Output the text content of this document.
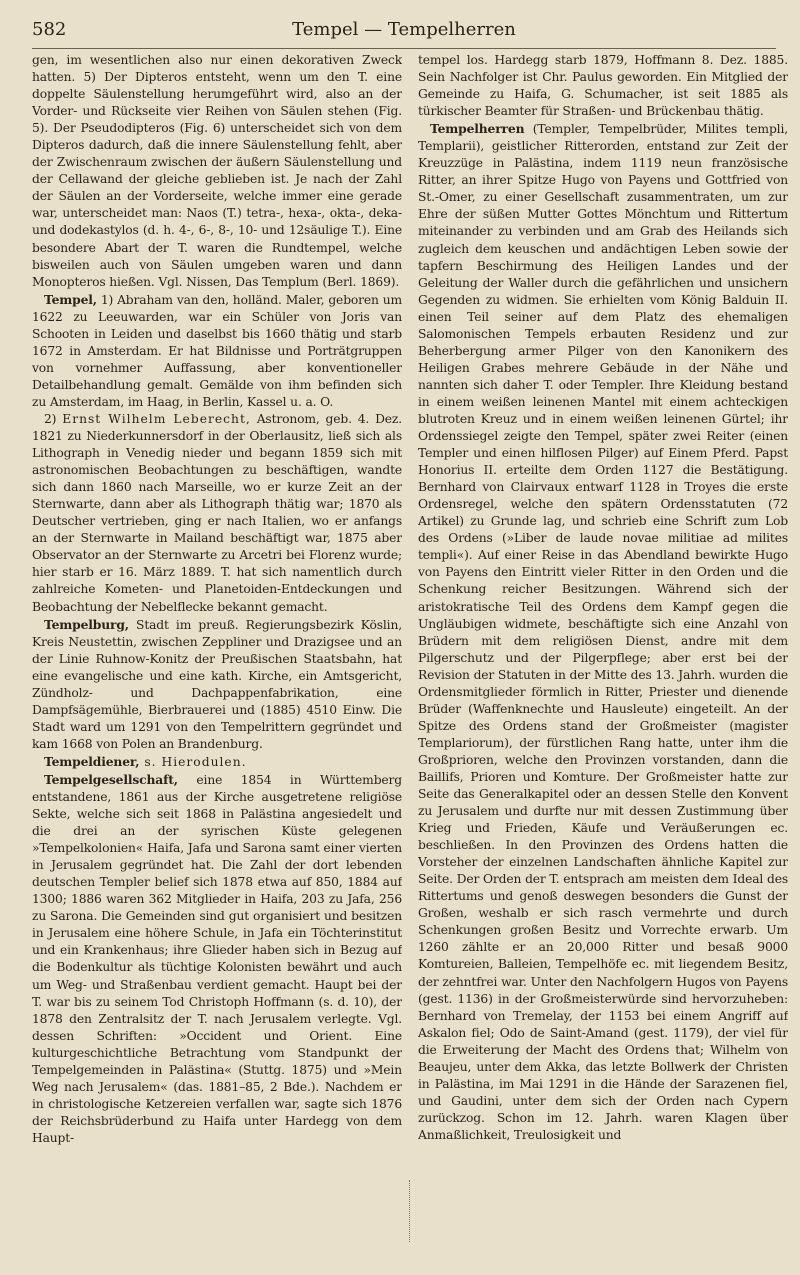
582	Tempel — Tempelherren

gen, im wesentlichen also nur einen dekorativen Zweck hatten. 5) Der Dipteros entsteht, wenn um den T. eine doppelte Säulenstellung herumgeführt wird, also an der Vorder- und Rückseite vier Reihen von Säulen stehen (Fig. 5). Der Pseudodipteros (Fig. 6) unterscheidet sich von dem Dipteros dadurch, daß die innere Säulenstellung fehlt, aber der Zwischenraum zwischen der äußern Säulenstellung und der Cellawand der gleiche geblieben ist. Je nach der Zahl der Säulen an der Vorderseite, welche immer eine gerade war, unterscheidet man: Naos (T.) tetra-, hexa-, okta-, deka- und dodekastylos (d. h. 4-, 6-, 8-, 10- und 12säulige T.). Eine besondere Abart der T. waren die Rundtempel, welche bisweilen auch von Säulen umgeben waren und dann Monopteros hießen. Vgl. Nissen, Das Templum (Berl. 1869).

Tempel, 1) Abraham van den, holländ. Maler, geboren um 1622 zu Leeuwarden, war ein Schüler von Joris van Schooten in Leiden und daselbst bis 1660 thätig und starb 1672 in Amsterdam. Er hat Bildnisse und Porträtgruppen von vornehmer Auffassung, aber konventioneller Detailbehandlung gemalt. Gemälde von ihm befinden sich zu Amsterdam, im Haag, in Berlin, Kassel u. a. O.

2) Ernst Wilhelm Leberecht, Astronom, geb. 4. Dez. 1821 zu Niederkunnersdorf in der Oberlausitz, ließ sich als Lithograph in Venedig nieder und begann 1859 sich mit astronomischen Beobachtungen zu beschäftigen, wandte sich dann 1860 nach Marseille, wo er kurze Zeit an der Sternwarte, dann aber als Lithograph thätig war; 1870 als Deutscher vertrieben, ging er nach Italien, wo er anfangs an der Sternwarte in Mailand beschäftigt war, 1875 aber Observator an der Sternwarte zu Arcetri bei Florenz wurde; hier starb er 16. März 1889. T. hat sich namentlich durch zahlreiche Kometen- und Planetoiden-Entdeckungen und Beobachtung der Nebelflecke bekannt gemacht.

Tempelburg, Stadt im preuß. Regierungsbezirk Köslin, Kreis Neustettin, zwischen Zeppliner und Drazigsee und an der Linie Ruhnow-Konitz der Preußischen Staatsbahn, hat eine evangelische und eine kath. Kirche, ein Amtsgericht, Zündholz- und Dachpappenfabrikation, eine Dampfsägemühle, Bierbrauerei und (1885) 4510 Einw. Die Stadt ward um 1291 von den Tempelrittern gegründet und kam 1668 von Polen an Brandenburg.

Tempeldiener, s. Hierodulen.

Tempelgesellschaft, eine 1854 in Württemberg entstandene, 1861 aus der Kirche ausgetretene religiöse Sekte, welche sich seit 1868 in Palästina angesiedelt und die drei an der syrischen Küste gelegenen »Tempelkolonien« Haifa, Jafa und Sarona samt einer vierten in Jerusalem gegründet hat. Die Zahl der dort lebenden deutschen Templer belief sich 1878 etwa auf 850, 1884 auf 1300; 1886 waren 362 Mitglieder in Haifa, 203 zu Jafa, 256 zu Sarona. Die Gemeinden sind gut organisiert und besitzen in Jerusalem eine höhere Schule, in Jafa ein Töchterinstitut und ein Krankenhaus; ihre Glieder haben sich in Bezug auf die Bodenkultur als tüchtige Kolonisten bewährt und auch um Weg- und Straßenbau verdient gemacht. Haupt bei der T. war bis zu seinem Tod Christoph Hoffmann (s. d. 10), der 1878 den Zentralsitz der T. nach Jerusalem verlegte. Vgl. dessen Schriften: »Occident und Orient. Eine kulturgeschichtliche Betrachtung vom Standpunkt der Tempelgemeinden in Palästina« (Stuttg. 1875) und »Mein Weg nach Jerusalem« (das. 1881–85, 2 Bde.). Nachdem er in christologische Ketzereien verfallen war, sagte sich 1876 der Reichsbrüderbund zu Haifa unter Hardegg von dem Haupt-

tempel los. Hardegg starb 1879, Hoffmann 8. Dez. 1885. Sein Nachfolger ist Chr. Paulus geworden. Ein Mitglied der Gemeinde zu Haifa, G. Schumacher, ist seit 1885 als türkischer Beamter für Straßen- und Brückenbau thätig.

Tempelherren (Templer, Tempelbrüder, Milites templi, Templarii), geistlicher Ritterorden, entstand zur Zeit der Kreuzzüge in Palästina, indem 1119 neun französische Ritter, an ihrer Spitze Hugo von Payens und Gottfried von St.-Omer, zu einer Gesellschaft zusammentraten, um zur Ehre der süßen Mutter Gottes Mönchtum und Rittertum miteinander zu verbinden und am Grab des Heilands sich zugleich dem keuschen und andächtigen Leben sowie der tapfern Beschirmung des Heiligen Landes und der Geleitung der Waller durch die gefährlichen und unsichern Gegenden zu widmen. Sie erhielten vom König Balduin II. einen Teil seiner auf dem Platz des ehemaligen Salomonischen Tempels erbauten Residenz und zur Beherbergung armer Pilger von den Kanonikern des Heiligen Grabes mehrere Gebäude in der Nähe und nannten sich daher T. oder Templer. Ihre Kleidung bestand in einem weißen leinenen Mantel mit einem achteckigen blutroten Kreuz und in einem weißen leinenen Gürtel; ihr Ordenssiegel zeigte den Tempel, später zwei Reiter (einen Templer und einen hilflosen Pilger) auf Einem Pferd. Papst Honorius II. erteilte dem Orden 1127 die Bestätigung. Bernhard von Clairvaux entwarf 1128 in Troyes die erste Ordensregel, welche den spätern Ordensstatuten (72 Artikel) zu Grunde lag, und schrieb eine Schrift zum Lob des Ordens (»Liber de laude novae militiae ad milites templi«). Auf einer Reise in das Abendland bewirkte Hugo von Payens den Eintritt vieler Ritter in den Orden und die Schenkung reicher Besitzungen. Während sich der aristokratische Teil des Ordens dem Kampf gegen die Ungläubigen widmete, beschäftigte sich eine Anzahl von Brüdern mit dem religiösen Dienst, andre mit dem Pilgerschutz und der Pilgerpflege; aber erst bei der Revision der Statuten in der Mitte des 13. Jahrh. wurden die Ordensmitglieder förmlich in Ritter, Priester und dienende Brüder (Waffenknechte und Hausleute) eingeteilt. An der Spitze des Ordens stand der Großmeister (magister Templariorum), der fürstlichen Rang hatte, unter ihm die Großprioren, welche den Provinzen vorstanden, dann die Baillifs, Prioren und Komture. Der Großmeister hatte zur Seite das Generalkapitel oder an dessen Stelle den Konvent zu Jerusalem und durfte nur mit dessen Zustimmung über Krieg und Frieden, Käufe und Veräußerungen ec. beschließen. In den Provinzen des Ordens hatten die Vorsteher der einzelnen Landschaften ähnliche Kapitel zur Seite. Der Orden der T. entsprach am meisten dem Ideal des Rittertums und genoß deswegen besonders die Gunst der Großen, weshalb er sich rasch vermehrte und durch Schenkungen großen Besitz und Vorrechte erwarb. Um 1260 zählte er an 20,000 Ritter und besaß 9000 Komtureien, Balleien, Tempelhöfe ec. mit liegendem Besitz, der zehntfrei war. Unter den Nachfolgern Hugos von Payens (gest. 1136) in der Großmeisterwürde sind hervorzuheben: Bernhard von Tremelay, der 1153 bei einem Angriff auf Askalon fiel; Odo de Saint-Amand (gest. 1179), der viel für die Erweiterung der Macht des Ordens that; Wilhelm von Beaujeu, unter dem Akka, das letzte Bollwerk der Christen in Palästina, im Mai 1291 in die Hände der Sarazenen fiel, und Gaudini, unter dem sich der Orden nach Cypern zurückzog. Schon im 12. Jahrh. waren Klagen über Anmaßlichkeit, Treulosigkeit und
